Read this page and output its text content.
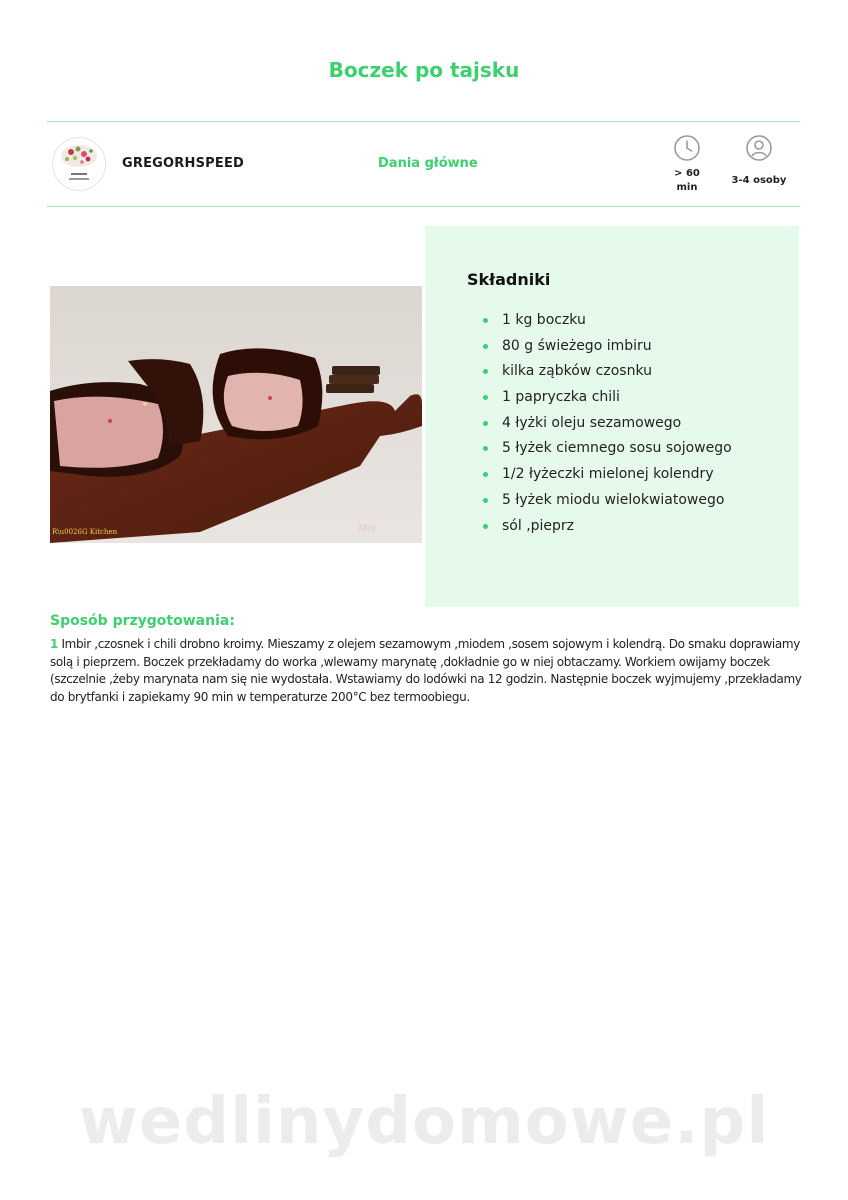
Boczek po tajsku
GREGORHSPEED	Dania główne
> 60 min
3-4 osoby
R\u0026G Kitchen	Moi
Składniki
1 kg boczku
80 g świeżego imbiru
kilka ząbków czosnku
1 papryczka chili
4 łyżki oleju sezamowego
5 łyżek ciemnego sosu sojowego
1/2 łyżeczki mielonej kolendry
5 łyżek miodu wielokwiatowego
sól ,pieprz
Sposób przygotowania:
1 Imbir ,czosnek i chili drobno kroimy. Mieszamy z olejem sezamowym ,miodem ,sosem sojowym i kolendrą. Do smaku doprawiamy solą i pieprzem. Boczek przekładamy do worka ,wlewamy marynatę ,dokładnie go w niej obtaczamy. Workiem owijamy boczek (szczelnie ,żeby marynata nam się nie wydostała. Wstawiamy do lodówki na 12 godzin. Następnie boczek wyjmujemy ,przekładamy do brytfanki i zapiekamy 90 min w temperaturze 200°C bez termoobiegu.
wedlinydomowe.pl
